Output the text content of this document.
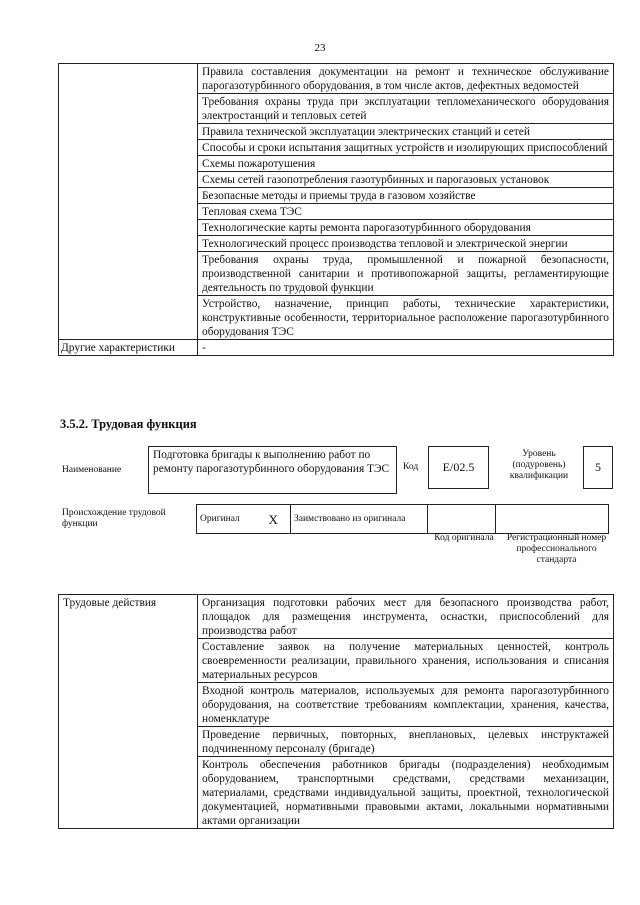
23
	Правила составления документации на ремонт и техническое обслуживание парогазотурбинного оборудования, в том числе актов, дефектных ведомостей
	Требования охраны труда при эксплуатации тепломеханического оборудования электростанций и тепловых сетей
	Правила технической эксплуатации электрических станций и сетей
	Способы и сроки испытания защитных устройств и изолирующих приспособлений
	Схемы пожаротушения
	Схемы сетей газопотребления газотурбинных и парогазовых установок
	Безопасные методы и приемы труда в газовом хозяйстве
	Тепловая схема ТЭС
	Технологические карты ремонта парогазотурбинного оборудования
	Технологический процесс производства тепловой и электрической энергии
	Требования охраны труда, промышленной и пожарной безопасности, производственной санитарии и противопожарной защиты, регламентирующие деятельность по трудовой функции
	Устройство, назначение, принцип работы, технические характеристики, конструктивные особенности, территориальное расположение парогазотурбинного оборудования ТЭС
Другие характеристики	-
3.5.2. Трудовая функция
Наименование
Подготовка бригады к выполнению работ по ремонту парогазотурбинного оборудования ТЭС	Код	E/02.5
Уровень (подуровень) квалификации
5
Происхождение трудовой функции
Оригинал	X	Заимствовано из оригинала		
Код оригинала	Регистрационный номер профессионального стандарта
Трудовые действия	Организация подготовки рабочих мест для безопасного производства работ, площадок для размещения инструмента, оснастки, приспособлений для производства работ
Составление заявок на получение материальных ценностей, контроль своевременности реализации, правильного хранения, использования и списания материальных ресурсов
Входной контроль материалов, используемых для ремонта парогазотурбинного оборудования, на соответствие требованиям комплектации, хранения, качества, номенклатуре
Проведение первичных, повторных, внеплановых, целевых инструктажей подчиненному персоналу (бригаде)
Контроль обеспечения работников бригады (подразделения) необходимым оборудованием, транспортными средствами, средствами механизации, материалами, средствами индивидуальной защиты, проектной, технологической документацией, нормативными правовыми актами, локальными нормативными актами организации
